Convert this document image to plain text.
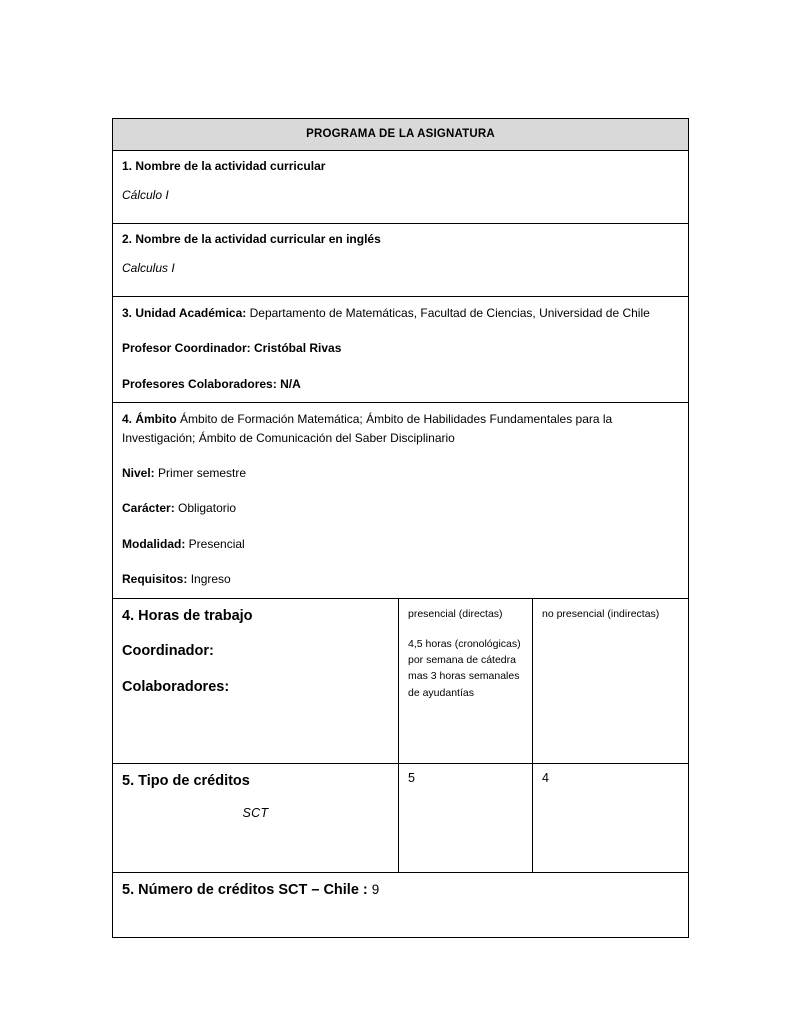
PROGRAMA DE LA ASIGNATURA		

1. Nombre de la actividad curricular
Cálculo I		

2. Nombre de la actividad curricular en inglés
Calculus I		

3. Unidad Académica: Departamento de Matemáticas, Facultad de Ciencias, Universidad de Chile
Profesor Coordinador: Cristóbal Rivas
Profesores Colaboradores: N/A		

4. Ámbito Ámbito de Formación Matemática; Ámbito de Habilidades Fundamentales para la Investigación; Ámbito de Comunicación del Saber Disciplinario
Nivel: Primer semestre
Carácter: Obligatorio
Modalidad: Presencial
Requisitos: Ingreso		

4. Horas de trabajo
Coordinador:
Colaboradores:

presencial (directas)
4,5 horas (cronológicas) por semana de cátedra mas 3 horas semanales de ayudantías

no presencial (indirectas)

5. Tipo de créditos
SCT	5	4

5. Número de créditos SCT – Chile : 9		
